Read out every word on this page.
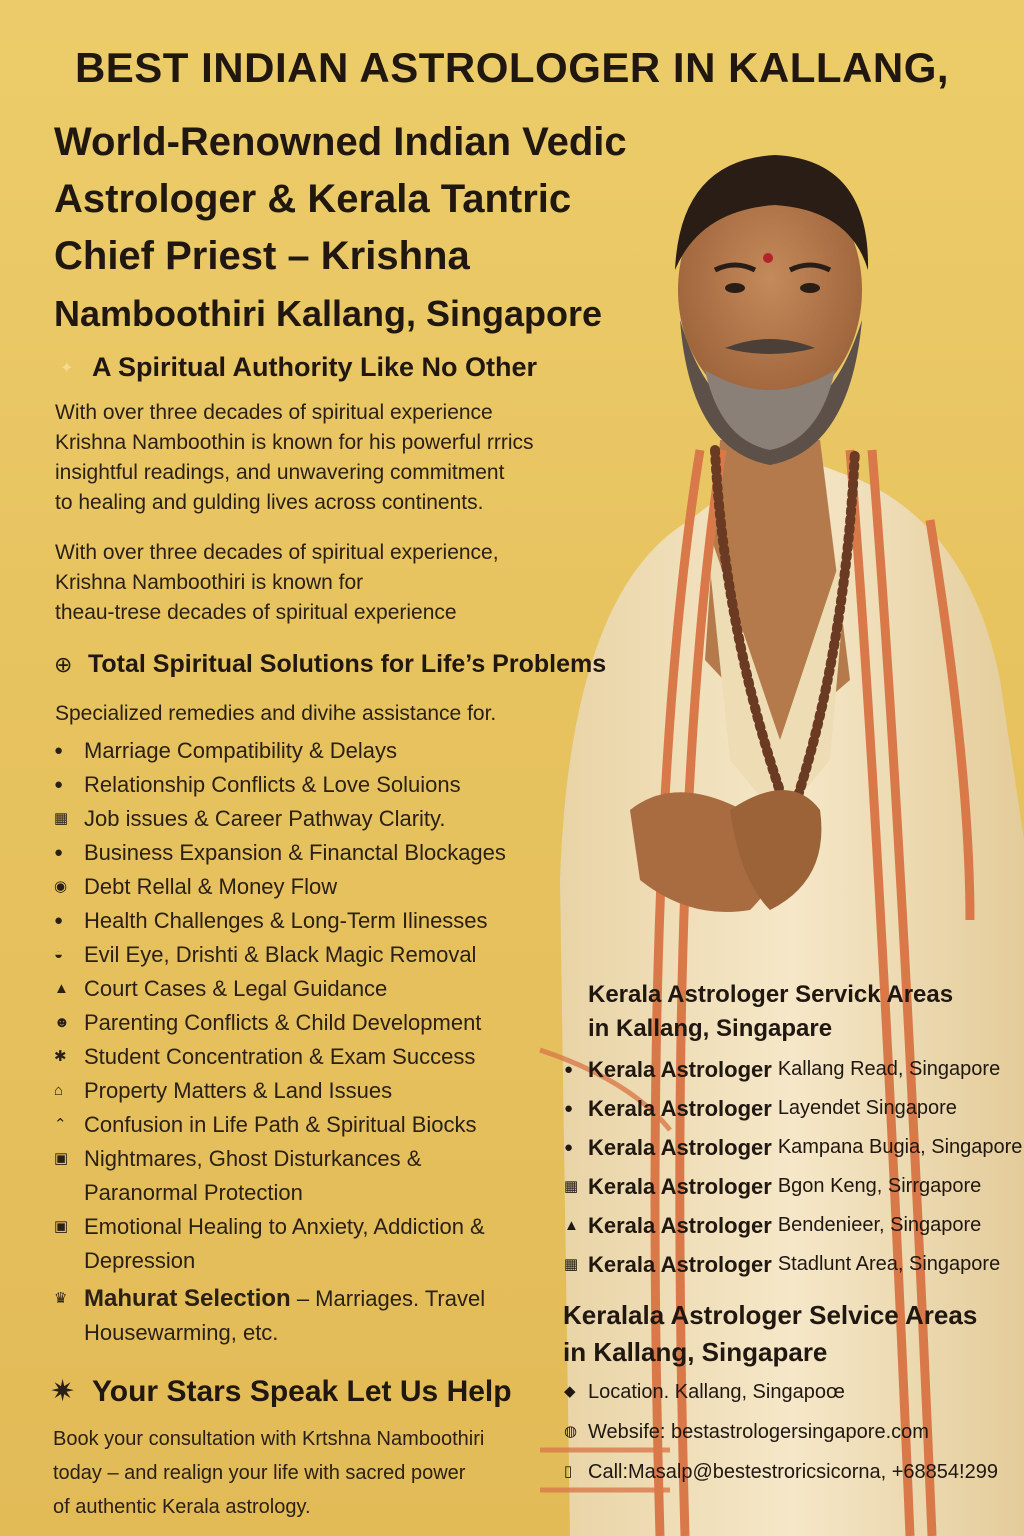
BEST INDIAN ASTROLOGER IN KALLANG,
World-Renowned Indian Vedic
Astrologer & Kerala Tantric
Chief Priest – Krishna
Namboothiri Kallang, Singapore
✦ A Spiritual Authority Like No Other
With over three decades of spiritual experience
Krishna Namboothin is known for his powerful rrrics
insightful readings, and unwavering commitment
to healing and gulding lives across continents.
With over three decades of spiritual experience,
Krishna Namboothiri is known for
theau-trese decades of spiritual experience
⊕ Total Spiritual Solutions for Life’s Problems
Specialized remedies and divihe assistance for.
● Marriage Compatibility & Delays
● Relationship Conflicts & Love Soluions
▦ Job issues & Career Pathway Clarity.
● Business Expansion & Financtal Blockages
◉ Debt Rellal & Money Flow
● Health Challenges & Long-Term Ilinesses
◒ Evil Eye, Drishti & Black Magic Removal
▲ Court Cases & Legal Guidance
☻ Parenting Conflicts & Child Development
✱ Student Concentration & Exam Success
⌂ Property Matters & Land Issues
⌃ Confusion in Life Path & Spiritual Biocks
▣ Nightmares, Ghost Disturkances & Paranormal Protection
▣ Emotional Healing to Anxiety, Addiction & Depression
♛ Mahurat Selection – Marriages. Travel Housewarming, etc.
✷ Your Stars Speak Let Us Help
Book your consultation with Krtshna Namboothiri
today – and realign your life with sacred power
of authentic Kerala astrology.
Kerala Astrologer Servick Areas
in Kallang, Singapare
● Kerala Astrologer Kallang Read, Singapore
● Kerala Astrologer Layendet Singapore
● Kerala Astrologer Kampana Bugia, Singapore
▦ Kerala Astrologer Bgon Keng, Sirrgapore
▲ Kerala Astrologer Bendenieer, Singapore
▦ Kerala Astrologer Stadlunt Area, Singapore
Keralala Astrologer Selvice Areas
in Kallang, Singapare
◆ Location. Kallang, Singapoœ
◍ Websife: bestastrologersingapore.com
▯ Call:Masalp@bestestroricsicorna, +68854!299
